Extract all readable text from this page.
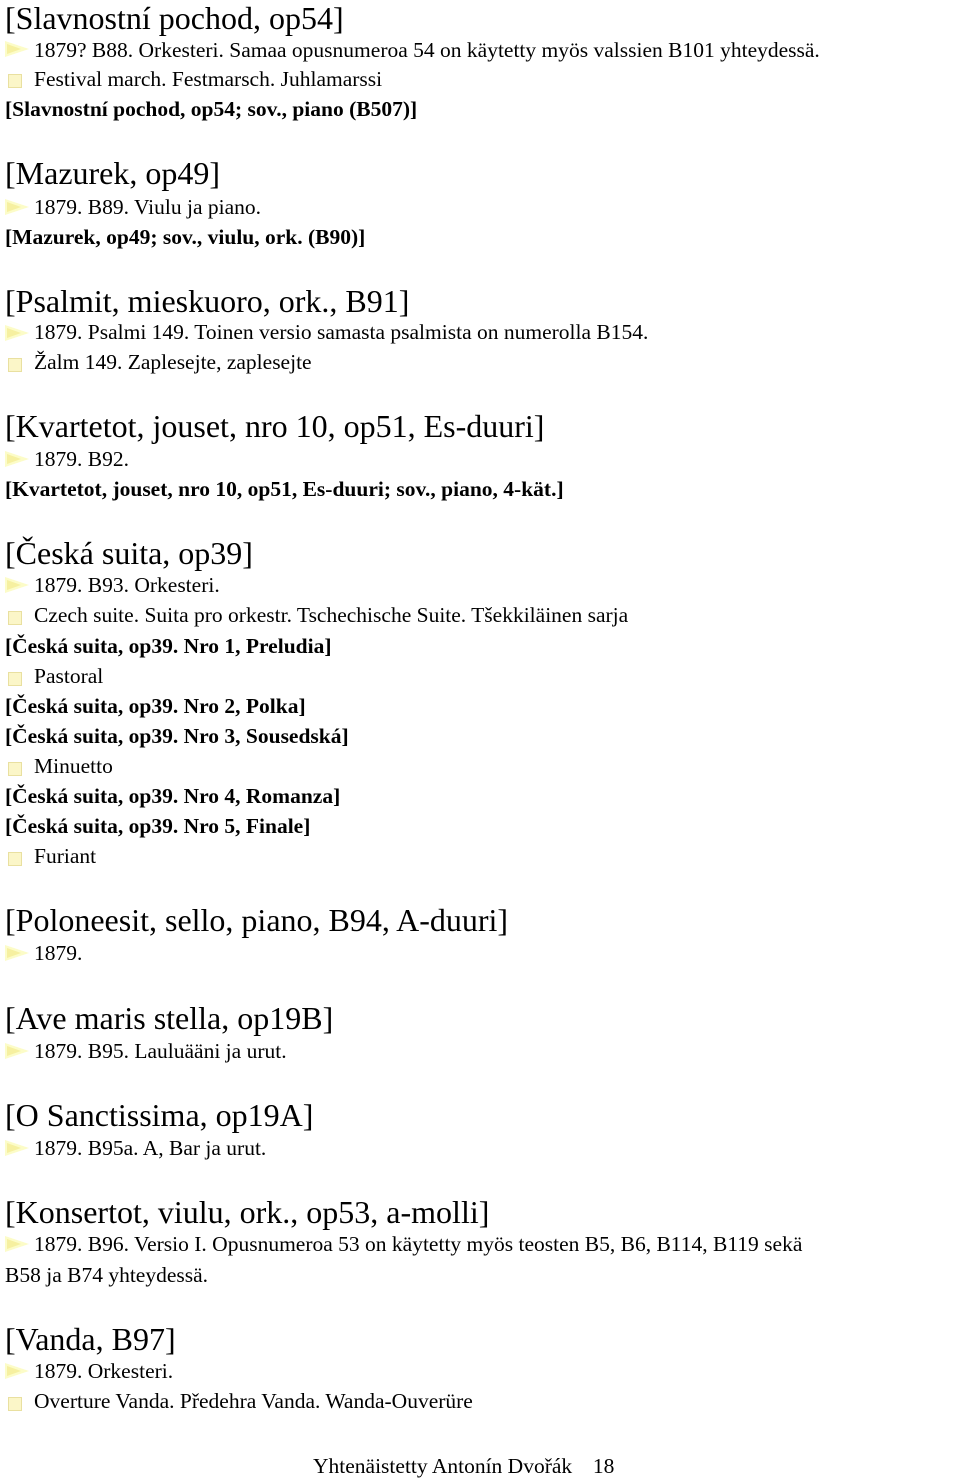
[Slavnostní pochod, op54]
1879? B88. Orkesteri. Samaa opusnumeroa 54 on käytetty myös valssien B101 yhteydessä.
Festival march. Festmarsch. Juhlamarssi
[Slavnostní pochod, op54; sov., piano (B507)]
[Mazurek, op49]
1879. B89. Viulu ja piano.
[Mazurek, op49; sov., viulu, ork. (B90)]
[Psalmit, mieskuoro, ork., B91]
1879. Psalmi 149. Toinen versio samasta psalmista on numerolla B154.
Žalm 149. Zaplesejte, zaplesejte
[Kvartetot, jouset, nro 10, op51, Es-duuri]
1879. B92.
[Kvartetot, jouset, nro 10, op51, Es-duuri; sov., piano, 4-kät.]
[Česká suita, op39]
1879. B93. Orkesteri.
Czech suite. Suita pro orkestr. Tschechische Suite. Tšekkiläinen sarja
[Česká suita, op39. Nro 1, Preludia]
Pastoral
[Česká suita, op39. Nro 2, Polka]
[Česká suita, op39. Nro 3, Sousedská]
Minuetto
[Česká suita, op39. Nro 4, Romanza]
[Česká suita, op39. Nro 5, Finale]
Furiant
[Poloneesit, sello, piano, B94, A-duuri]
1879.
[Ave maris stella, op19B]
1879. B95. Lauluääni ja urut.
[O Sanctissima, op19A]
1879. B95a. A, Bar ja urut.
[Konsertot, viulu, ork., op53, a-molli]
1879. B96. Versio I. Opusnumeroa 53 on käytetty myös teosten B5, B6, B114, B119 sekä
B58 ja B74 yhteydessä.
[Vanda, B97]
1879. Orkesteri.
Overture Vanda. Předehra Vanda. Wanda-Ouverüre
Yhtenäistetty Antonín Dvořák 18
